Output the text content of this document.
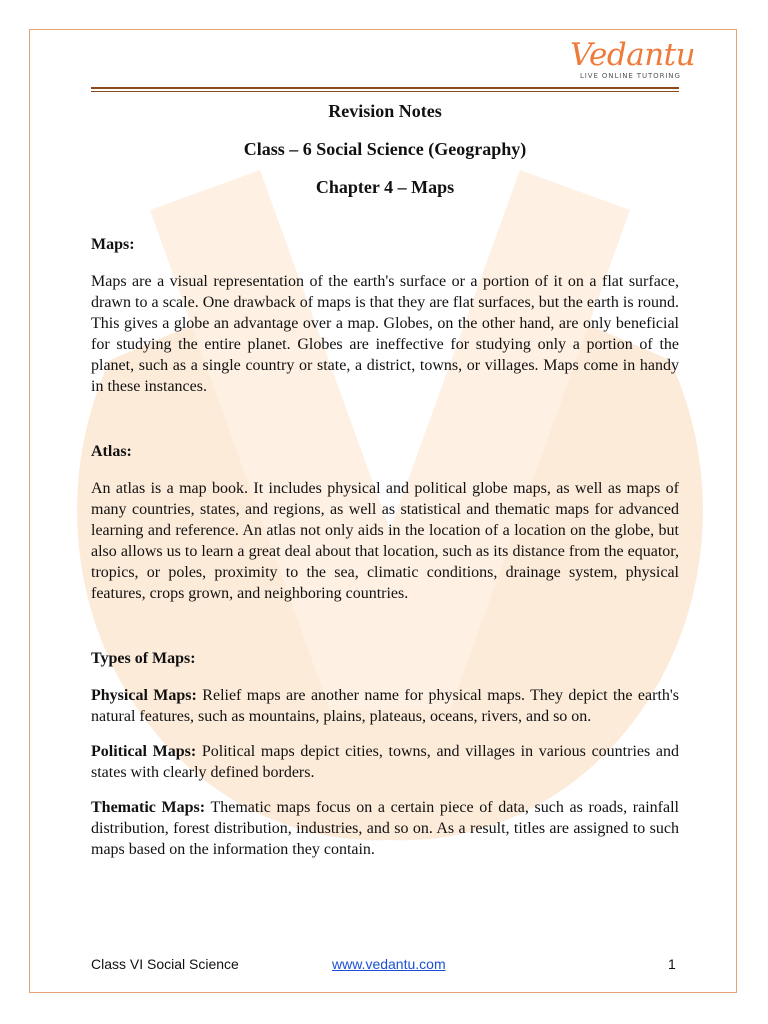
Vedantu
LIVE ONLINE TUTORING

Revision Notes

Class – 6 Social Science (Geography)

Chapter 4 – Maps

Maps:

Maps are a visual representation of the earth's surface or a portion of it on a flat surface, drawn to a scale. One drawback of maps is that they are flat surfaces, but the earth is round. This gives a globe an advantage over a map. Globes, on the other hand, are only beneficial for studying the entire planet. Globes are ineffective for studying only a portion of the planet, such as a single country or state, a district, towns, or villages. Maps come in handy in these instances.

Atlas:

An atlas is a map book. It includes physical and political globe maps, as well as maps of many countries, states, and regions, as well as statistical and thematic maps for advanced learning and reference. An atlas not only aids in the location of a location on the globe, but also allows us to learn a great deal about that location, such as its distance from the equator, tropics, or poles, proximity to the sea, climatic conditions, drainage system, physical features, crops grown, and neighboring countries.

Types of Maps:

Physical Maps: Relief maps are another name for physical maps. They depict the earth's natural features, such as mountains, plains, plateaus, oceans, rivers, and so on.

Political Maps: Political maps depict cities, towns, and villages in various countries and states with clearly defined borders.

Thematic Maps: Thematic maps focus on a certain piece of data, such as roads, rainfall distribution, forest distribution, industries, and so on. As a result, titles are assigned to such maps based on the information they contain.

Class VI Social Science	www.vedantu.com	1
